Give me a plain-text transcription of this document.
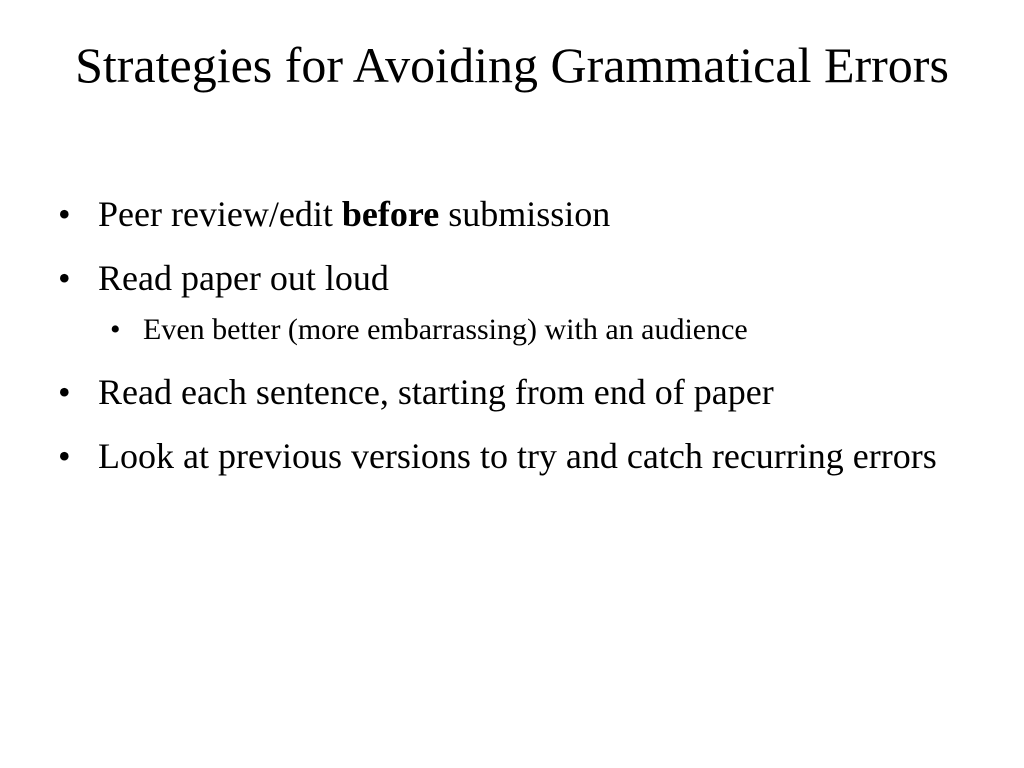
Strategies for Avoiding Grammatical Errors
• Peer review/edit before submission
• Read paper out loud
• Even better (more embarrassing) with an audience
• Read each sentence, starting from end of paper
• Look at previous versions to try and catch recurring errors
